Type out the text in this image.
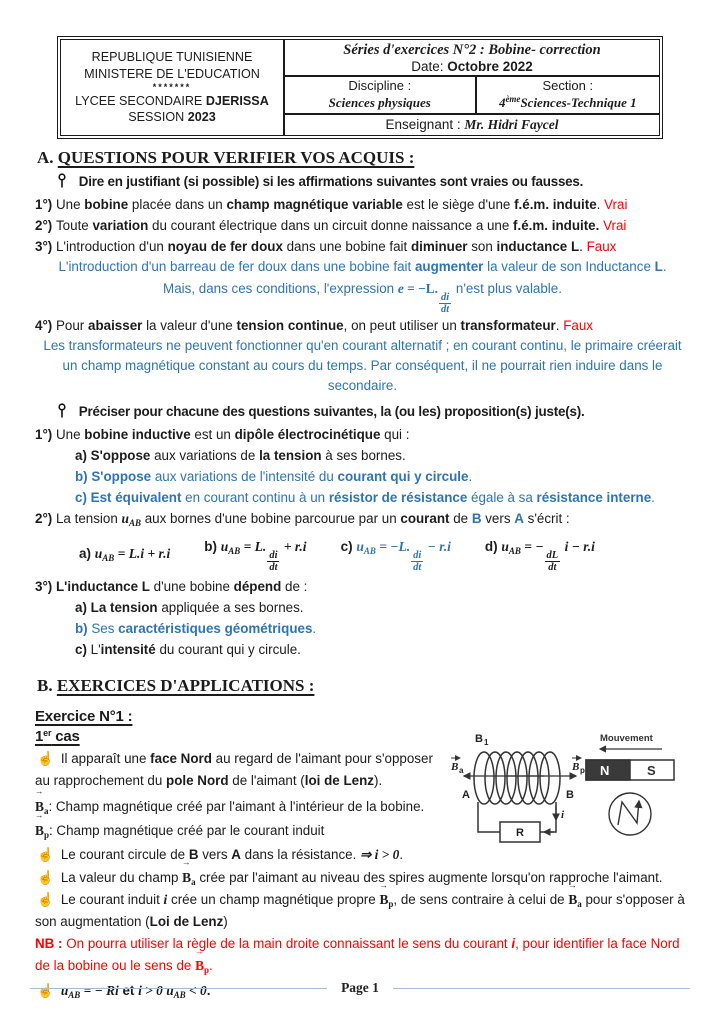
REPUBLIQUE TUNISIENNE
MINISTERE DE L'EDUCATION
*******
LYCEE SECONDAIRE DJERISSA
SESSION 2023
Séries d'exercices N°2 : Bobine- correction
Date: Octobre 2022
Discipline :
Sciences physiques
Section :
4èmeSciences-Technique 1
Enseignant : Mr. Hidri Faycel
A. QUESTIONS POUR VERIFIER VOS ACQUIS :
Dire en justifiant (si possible) si les affirmations suivantes sont vraies ou fausses.
1°) Une bobine placée dans un champ magnétique variable est le siège d'une f.é.m. induite. Vrai
2°) Toute variation du courant électrique dans un circuit donne naissance a une f.é.m. induite. Vrai
3°) L'introduction d'un noyau de fer doux dans une bobine fait diminuer son inductance L. Faux
L'introduction d'un barreau de fer doux dans une bobine fait augmenter la valeur de son Inductance L.
Mais, dans ces conditions, l'expression e = −L.
$\frac{di}{dt}$
n'est plus valable.
4°) Pour abaisser la valeur d'une tension continue, on peut utiliser un transformateur. Faux
Les transformateurs ne peuvent fonctionner qu'en courant alternatif ; en courant continu, le primaire créerait un champ magnétique constant au cours du temps. Par conséquent, il ne pourrait rien induire dans le secondaire.
Préciser pour chacune des questions suivantes, la (ou les) proposition(s) juste(s).
1°) Une bobine inductive est un dipôle électrocinétique qui :
a) S'oppose aux variations de la tension à ses bornes.
b) S'oppose aux variations de l'intensité du courant qui y circule.
c) Est équivalent en courant continu à un résistor de résistance égale à sa résistance interne.
2°) La tension $u_{AB}$ aux bornes d'une bobine parcourue par un courant de B vers A s'écrit :
a) $u_{AB} = L.i + r.i$	b) $u_{AB} = L$.
$\frac{di}{dt}$
+ r.i	c) $u_{AB} = -L$.
$\frac{di}{dt}$
− r.i	d) $u_{AB}$ = −
$\frac{dL}{dt}$
i − r.i
3°) L'inductance L d'une bobine dépend de :
a) La tension appliquée a ses bornes.
b) Ses caractéristiques géométriques.
c) L'intensité du courant qui y circule.
B. EXERCICES D'APPLICATIONS :
Exercice N°1 :
B 1
B a	B p
A	B
i
R
Mouvement
N	S
1er cas
☝ Il apparaît une face Nord au regard de l'aimant pour s'opposer au rapprochement du pole Nord de l'aimant (loi de Lenz).
$B \to_a$: Champ magnétique créé par l'aimant à l'intérieur de la bobine.
$B \to_p$: Champ magnétique créé par le courant induit
☝ Le courant circule de B vers A dans la résistance. ⇒ i > 0.
☝ La valeur du champ $B \to_a$ crée par l'aimant au niveau des spires augmente lorsqu'on rapproche l'aimant.
☝ Le courant induit i crée un champ magnétique propre $B \to_p$, de sens contraire à celui de $B \to_a$ pour s'opposer à son augmentation (Loi de Lenz)
NB : On pourra utiliser la règle de la main droite connaissant le sens du courant i, pour identifier la face Nord de la bobine ou le sens de $B \to_p$.
☝ $u_{AB}$ = − Ri et i > 0 $u_{AB} < 0$.	Page 1
